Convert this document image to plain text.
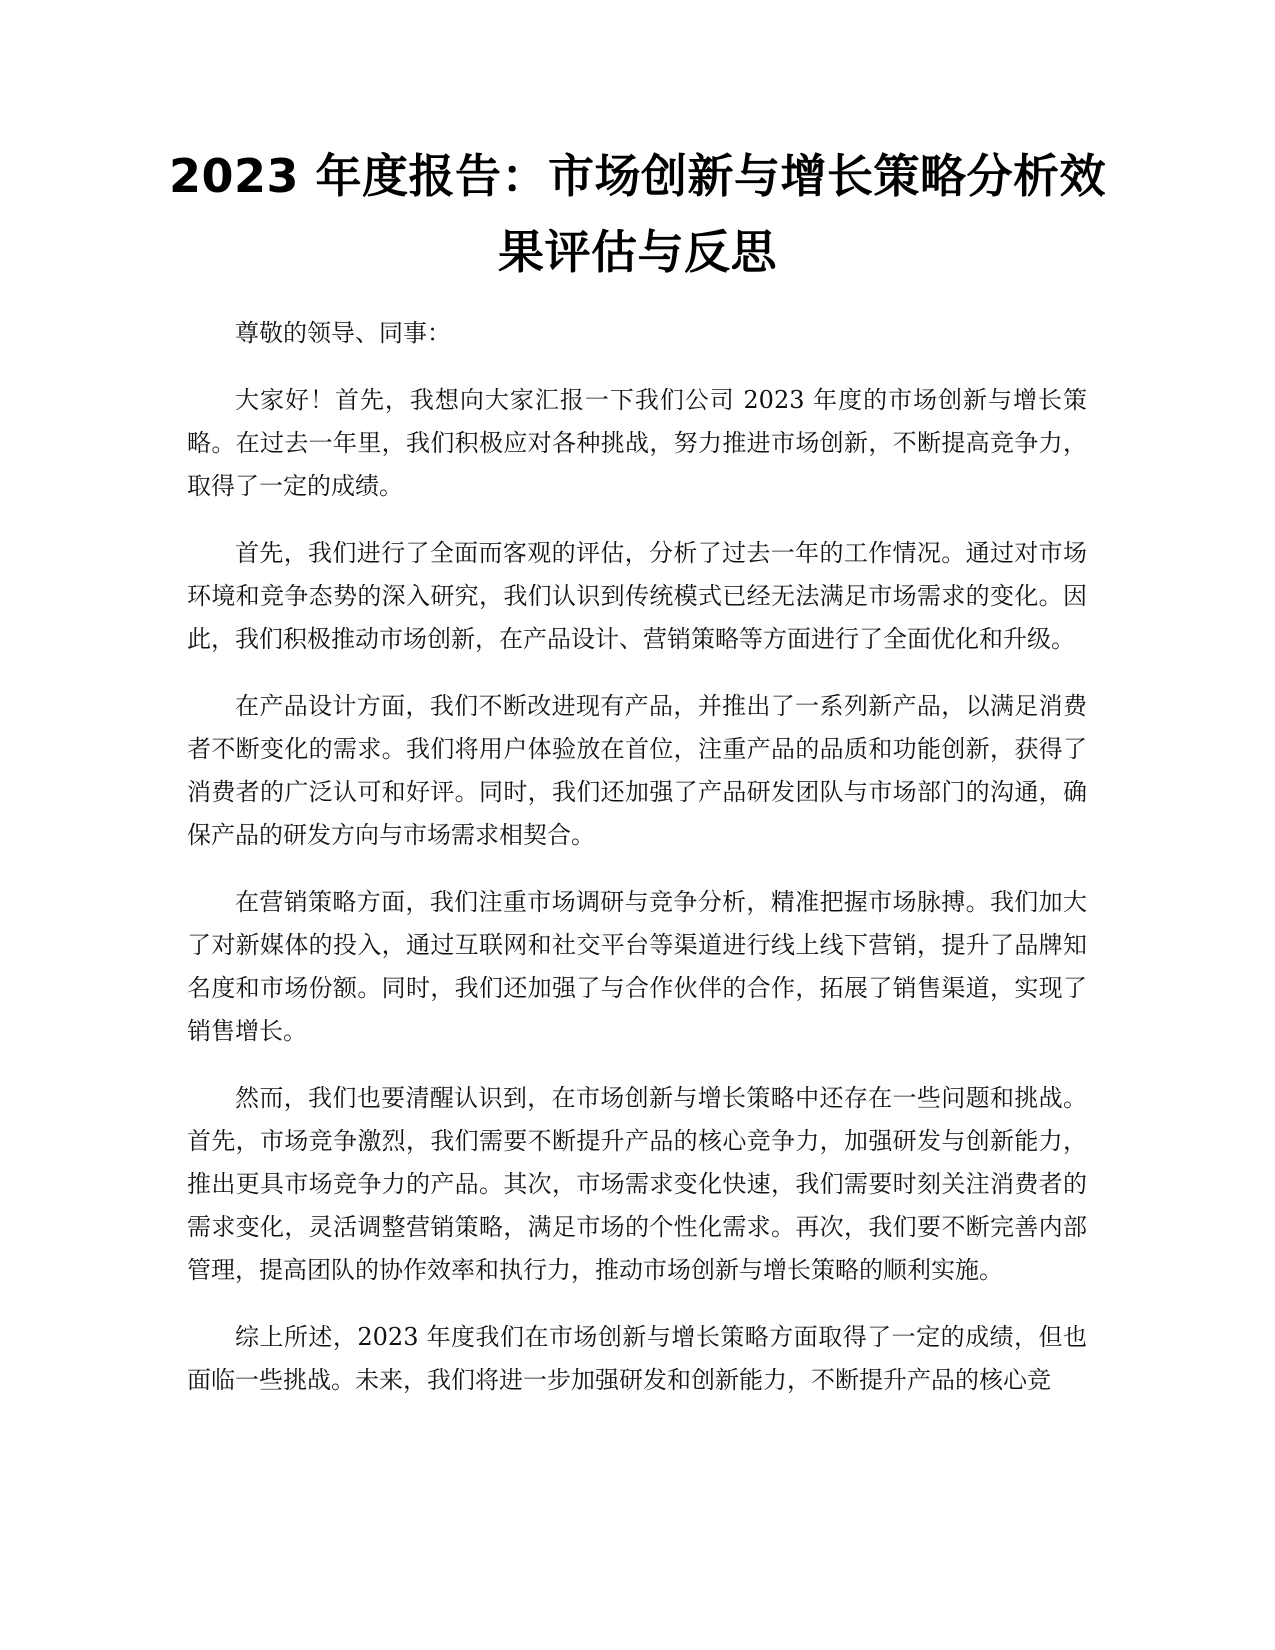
2023 年度报告：市场创新与增长策略分析效果评估与反思

尊敬的领导、同事：

大家好！首先，我想向大家汇报一下我们公司 2023 年度的市场创新与增长策略。在过去一年里，我们积极应对各种挑战，努力推进市场创新，不断提高竞争力，取得了一定的成绩。

首先，我们进行了全面而客观的评估，分析了过去一年的工作情况。通过对市场环境和竞争态势的深入研究，我们认识到传统模式已经无法满足市场需求的变化。因此，我们积极推动市场创新，在产品设计、营销策略等方面进行了全面优化和升级。

在产品设计方面，我们不断改进现有产品，并推出了一系列新产品，以满足消费者不断变化的需求。我们将用户体验放在首位，注重产品的品质和功能创新，获得了消费者的广泛认可和好评。同时，我们还加强了产品研发团队与市场部门的沟通，确保产品的研发方向与市场需求相契合。

在营销策略方面，我们注重市场调研与竞争分析，精准把握市场脉搏。我们加大了对新媒体的投入，通过互联网和社交平台等渠道进行线上线下营销，提升了品牌知名度和市场份额。同时，我们还加强了与合作伙伴的合作，拓展了销售渠道，实现了销售增长。

然而，我们也要清醒认识到，在市场创新与增长策略中还存在一些问题和挑战。首先，市场竞争激烈，我们需要不断提升产品的核心竞争力，加强研发与创新能力，推出更具市场竞争力的产品。其次，市场需求变化快速，我们需要时刻关注消费者的需求变化，灵活调整营销策略，满足市场的个性化需求。再次，我们要不断完善内部管理，提高团队的协作效率和执行力，推动市场创新与增长策略的顺利实施。

综上所述，2023 年度我们在市场创新与增长策略方面取得了一定的成绩，但也面临一些挑战。未来，我们将进一步加强研发和创新能力，不断提升产品的核心竞
